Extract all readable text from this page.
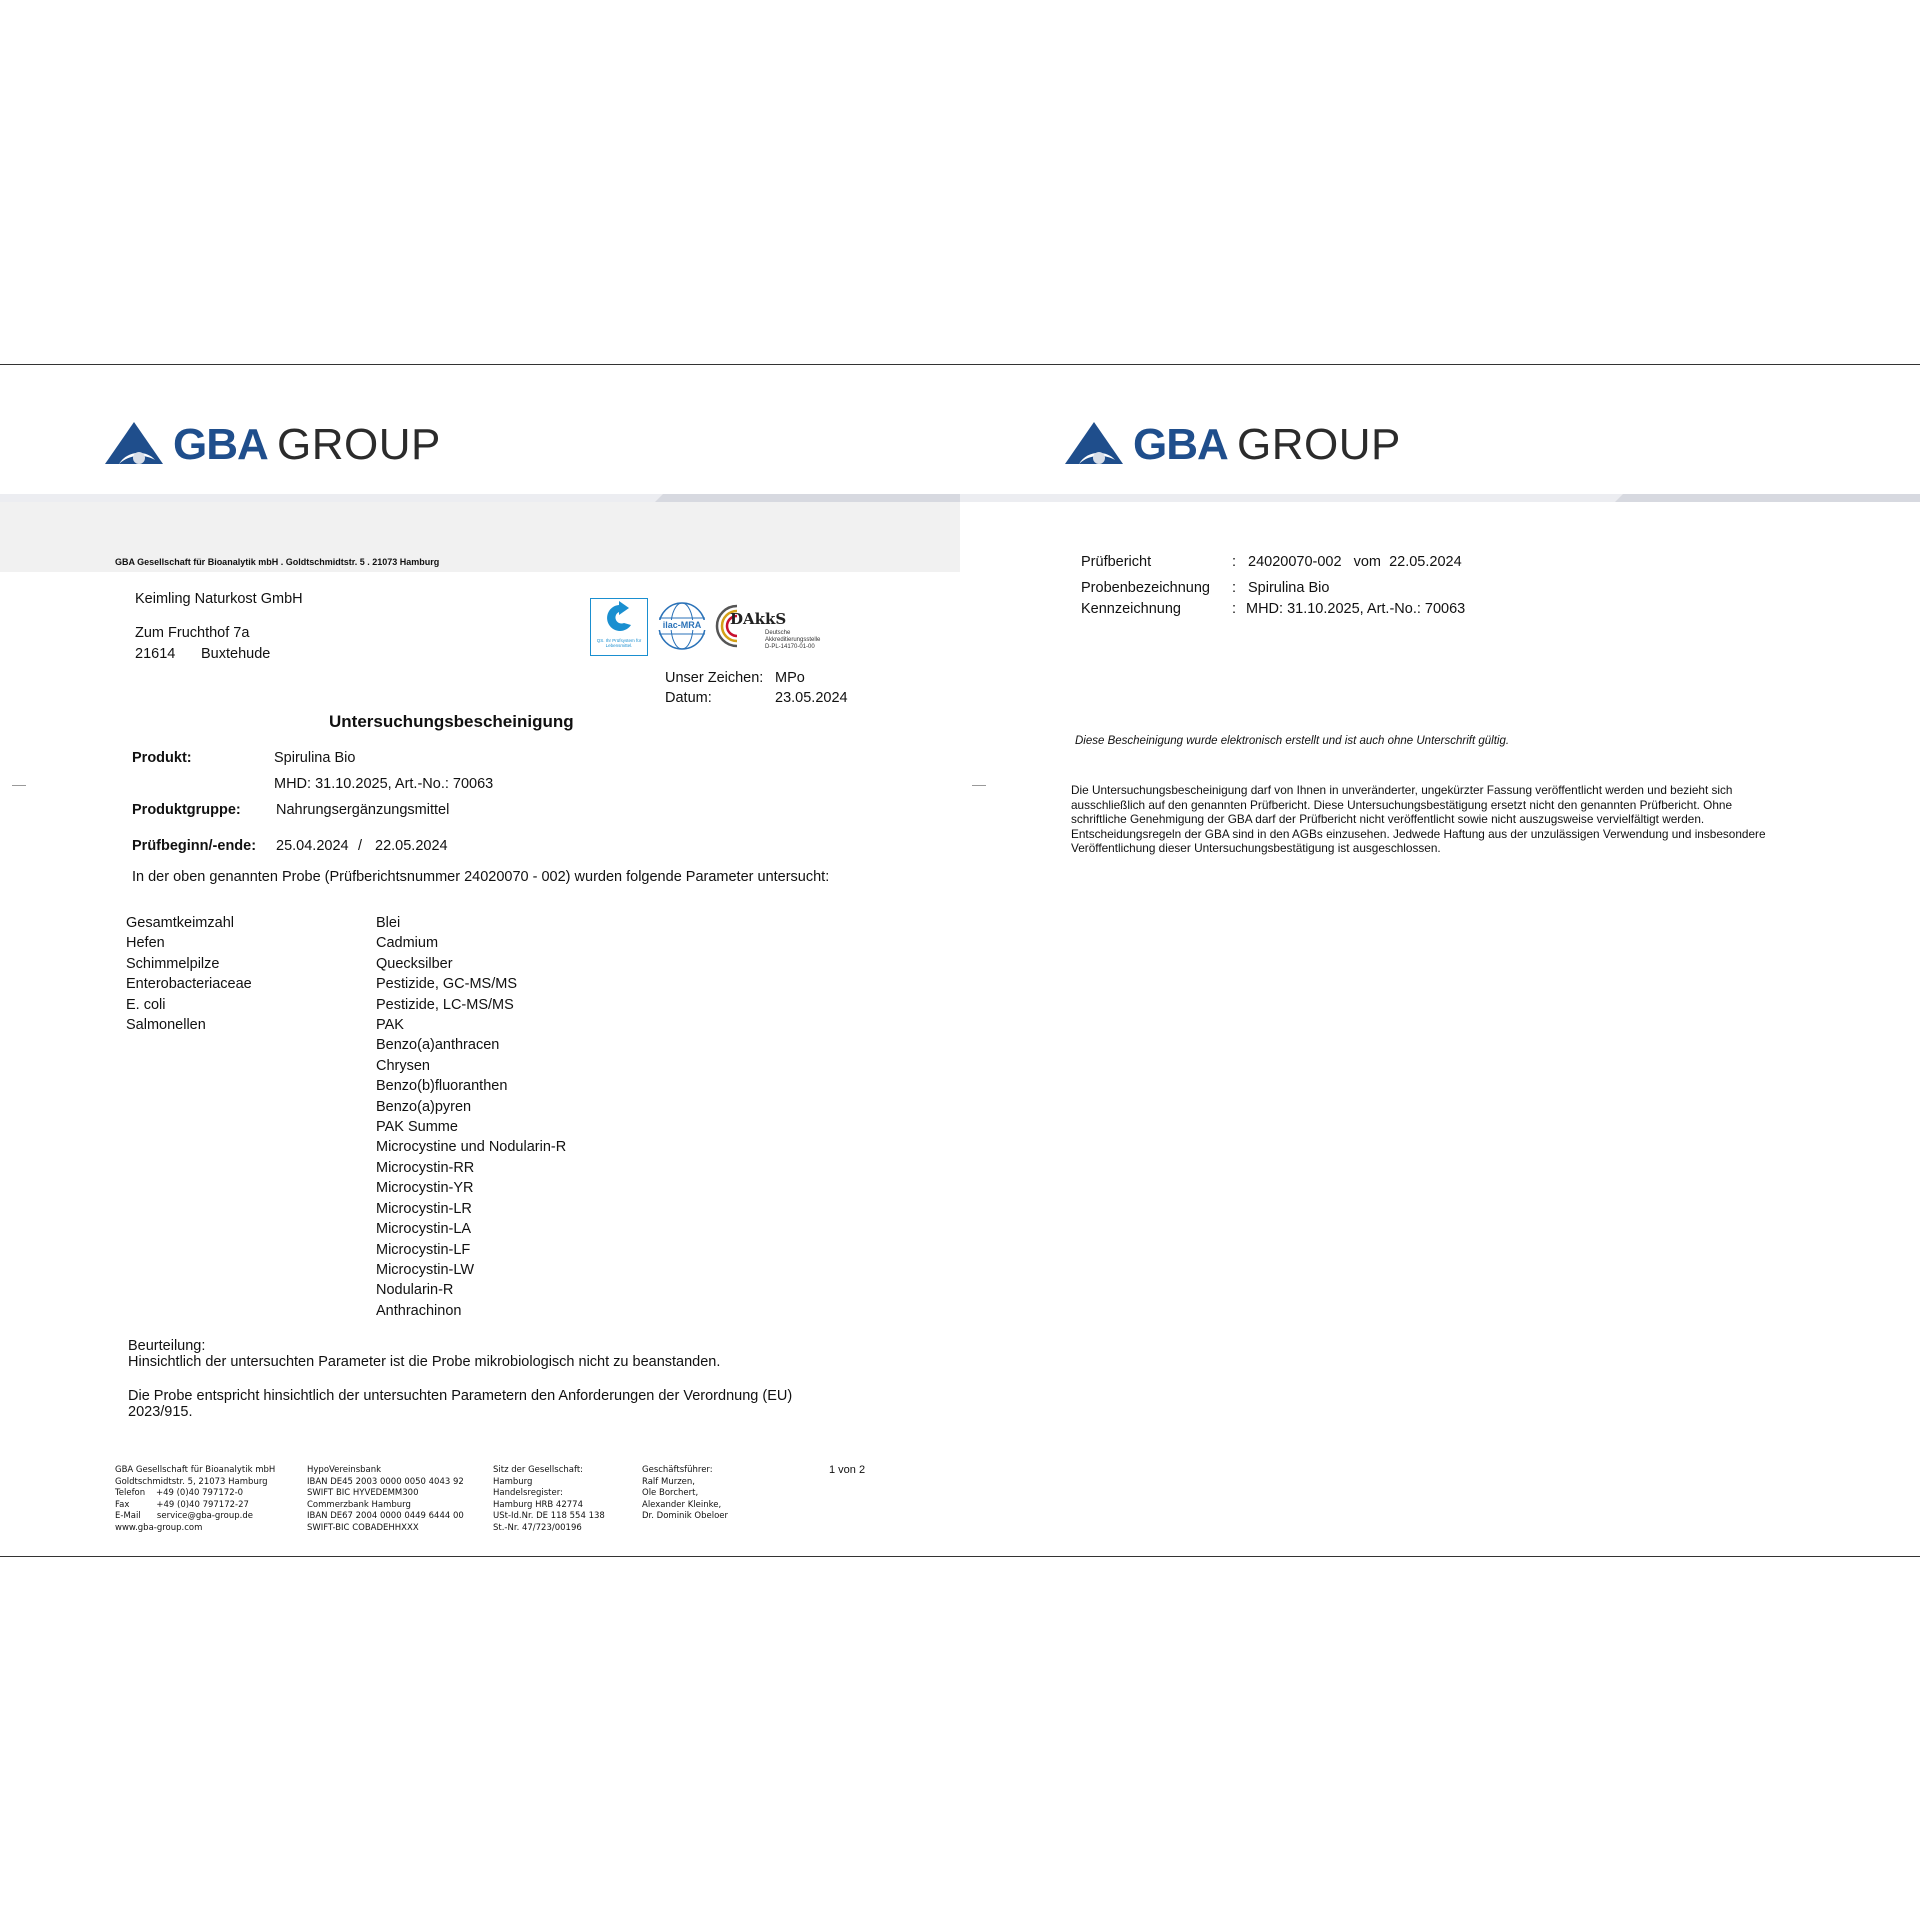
GBA GROUP
GBA Gesellschaft für Bioanalytik mbH . Goldtschmidtstr. 5 . 21073 Hamburg
Keimling Naturkost GmbH
Zum Fruchthof 7a
21614 Buxtehude
QS. Ihr Prüfsystem für Lebensmittel.
ilac-MRA	DAkkS
Deutsche
Akkreditierungsstelle
D-PL-14170-01-00
Unser Zeichen: MPo
Datum:	23.05.2024
Untersuchungsbescheinigung
Produkt:	Spirulina Bio
MHD: 31.10.2025, Art.-No.: 70063
Produktgruppe: Nahrungsergänzungsmittel
Prüfbeginn/-ende: 25.04.2024 / 22.05.2024
In der oben genannten Probe (Prüfberichtsnummer 24020070 - 002) wurden folgende Parameter untersucht:
Gesamtkeimzahl
Hefen
Schimmelpilze
Enterobacteriaceae
E. coli
Salmonellen
Blei
Cadmium
Quecksilber
Pestizide, GC-MS/MS
Pestizide, LC-MS/MS
PAK
Benzo(a)anthracen
Chrysen
Benzo(b)fluoranthen
Benzo(a)pyren
PAK Summe
Microcystine und Nodularin-R
Microcystin-RR
Microcystin-YR
Microcystin-LR
Microcystin-LA
Microcystin-LF
Microcystin-LW
Nodularin-R
Anthrachinon
Beurteilung:
Hinsichtlich der untersuchten Parameter ist die Probe mikrobiologisch nicht zu beanstanden.
Die Probe entspricht hinsichtlich der untersuchten Parametern den Anforderungen der Verordnung (EU)
2023/915.
GBA Gesellschaft für Bioanalytik mbH
Goldtschmidtstr. 5, 21073 Hamburg
Telefon    +49 (0)40 797172-0
Fax          +49 (0)40 797172-27
E-Mail      service@gba-group.de
www.gba-group.com
HypoVereinsbank
IBAN DE45 2003 0000 0050 4043 92
SWIFT BIC HYVEDEMM300
Commerzbank Hamburg
IBAN DE67 2004 0000 0449 6444 00
SWIFT-BIC COBADEHHXXX
Sitz der Gesellschaft:
Hamburg
Handelsregister:
Hamburg HRB 42774
USt-Id.Nr. DE 118 554 138
St.-Nr. 47/723/00196
Geschäftsführer:
Ralf Murzen,
Ole Borchert,
Alexander Kleinke,
Dr. Dominik Obeloer
1 von 2
GBA GROUP
Prüfbericht	: 24020070-002   vom  22.05.2024
Probenbezeichnung : Spirulina Bio
Kennzeichnung	: MHD: 31.10.2025, Art.-No.: 70063
Diese Bescheinigung wurde elektronisch erstellt und ist auch ohne Unterschrift gültig.
Die Untersuchungsbescheinigung darf von Ihnen in unveränderter, ungekürzter Fassung veröffentlicht werden und bezieht sich
ausschließlich auf den genannten Prüfbericht. Diese Untersuchungsbestätigung ersetzt nicht den genannten Prüfbericht. Ohne
schriftliche Genehmigung der GBA darf der Prüfbericht nicht veröffentlicht sowie nicht auszugsweise vervielfältigt werden.
Entscheidungsregeln der GBA sind in den AGBs einzusehen. Jedwede Haftung aus der unzulässigen Verwendung und insbesondere
Veröffentlichung dieser Untersuchungsbestätigung ist ausgeschlossen.
